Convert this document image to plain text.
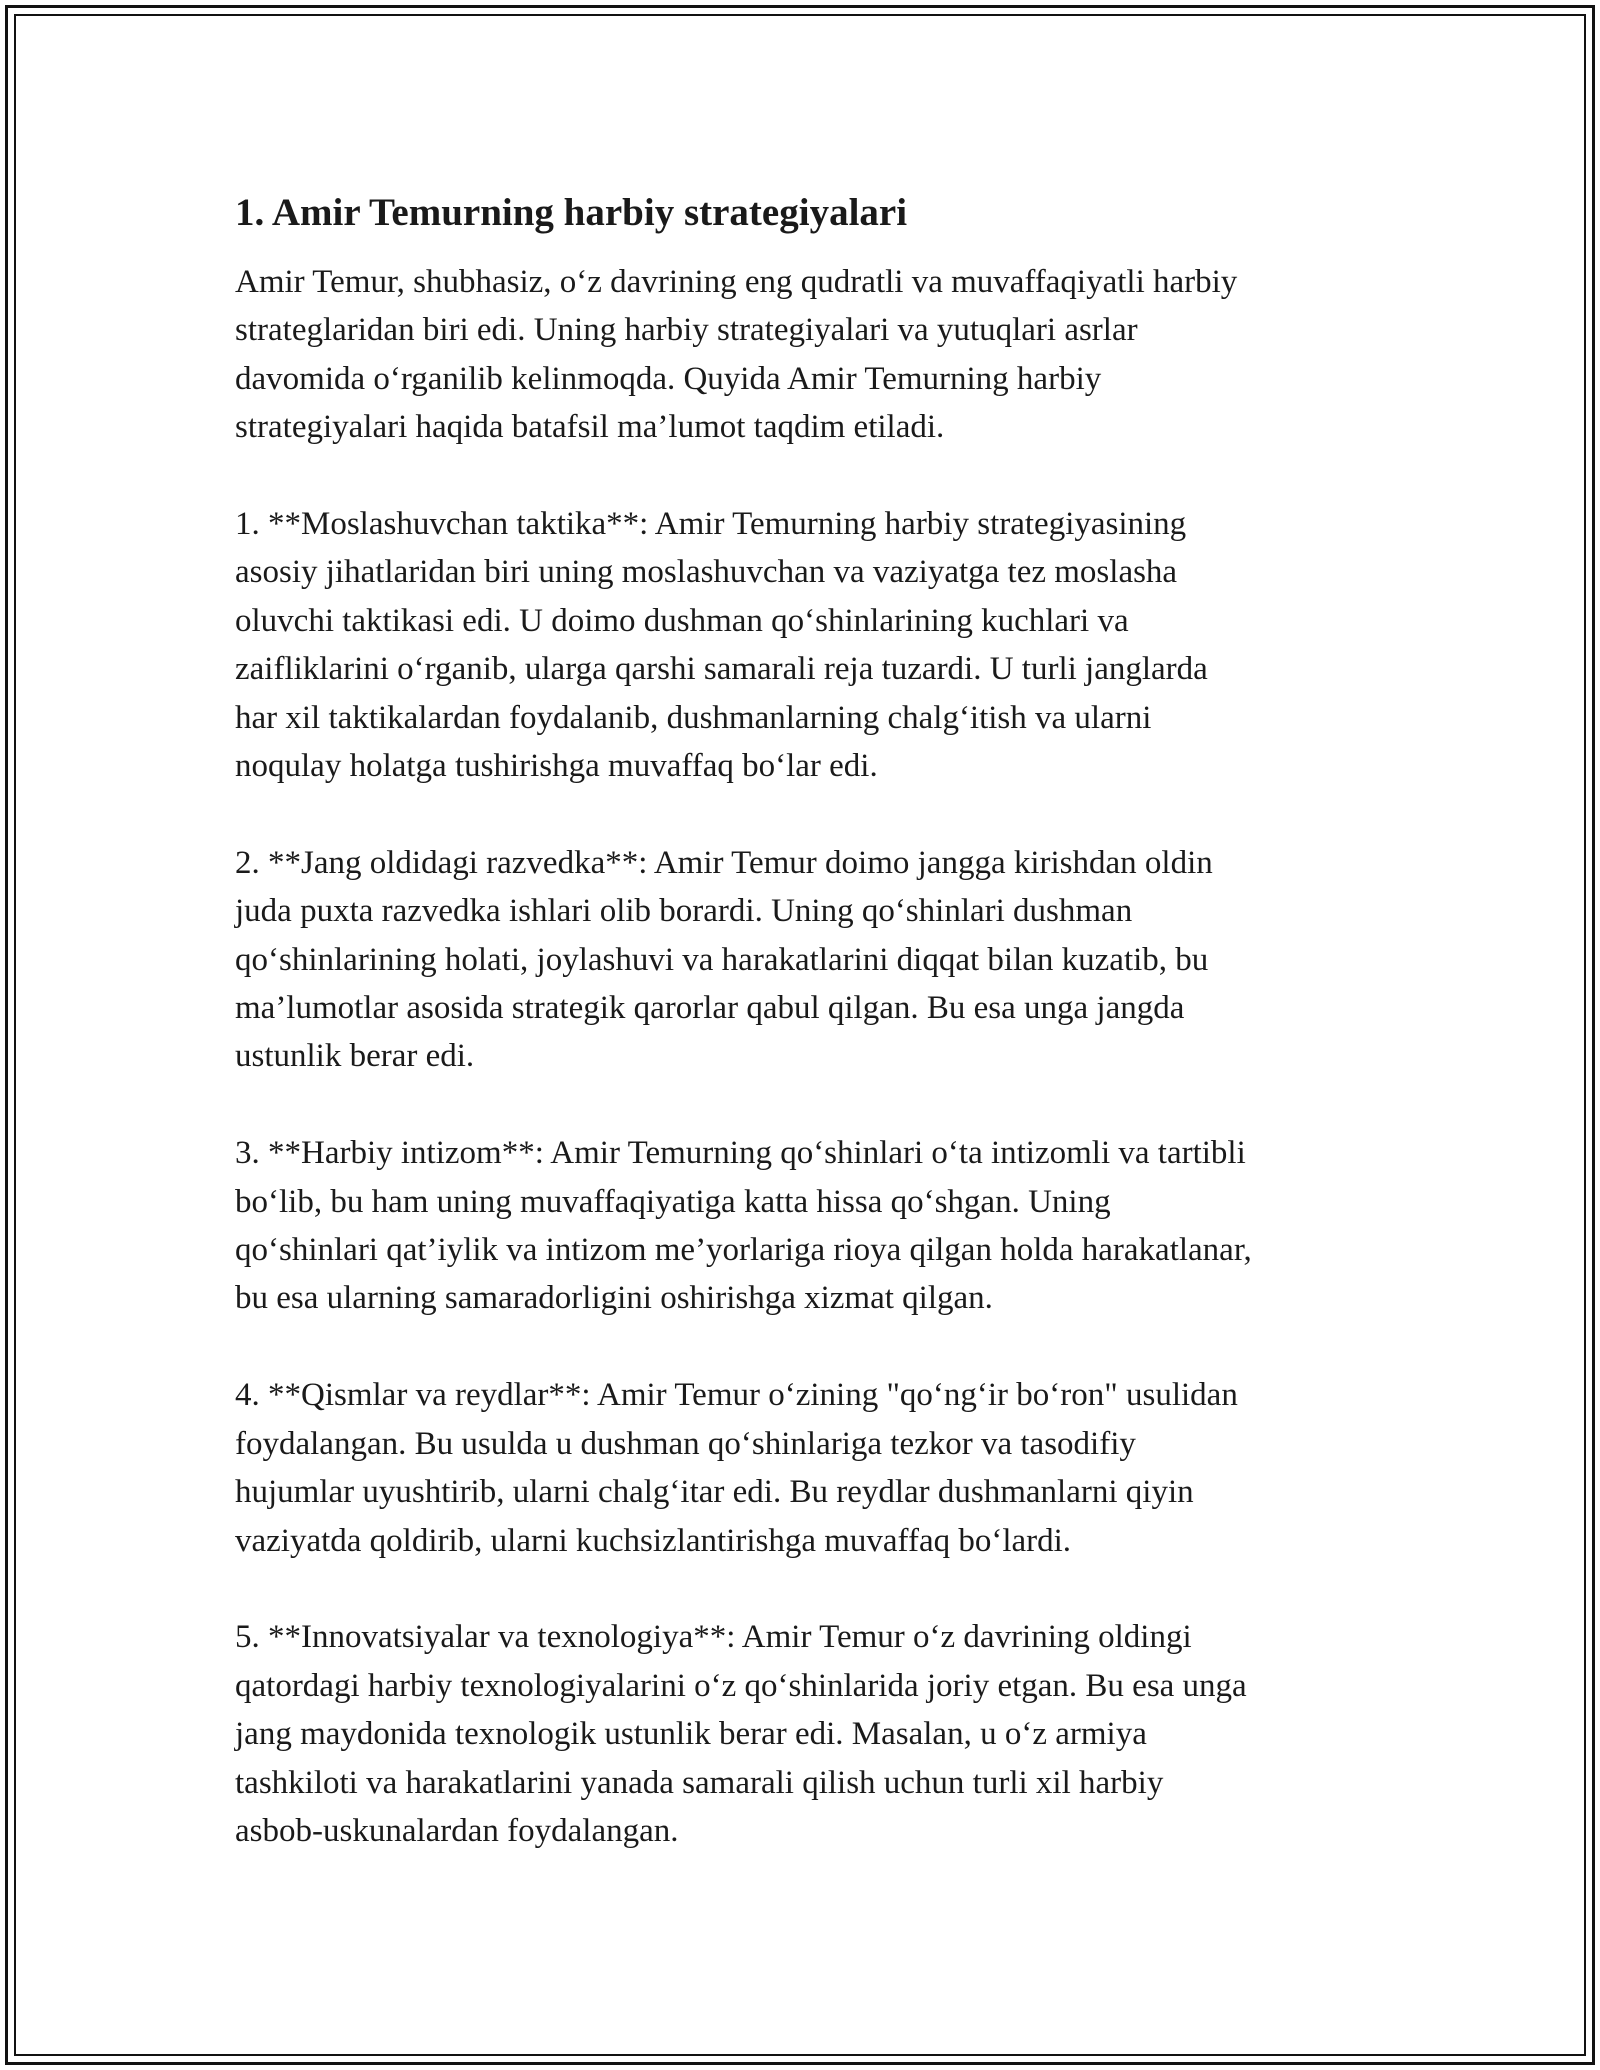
1. Amir Temurning harbiy strategiyalari
Amir Temur, shubhasiz, o‘z davrining eng qudratli va muvaffaqiyatli harbiy
strateglaridan biri edi. Uning harbiy strategiyalari va yutuqlari asrlar
davomida o‘rganilib kelinmoqda. Quyida Amir Temurning harbiy
strategiyalari haqida batafsil ma’lumot taqdim etiladi.
1. **Moslashuvchan taktika**: Amir Temurning harbiy strategiyasining
asosiy jihatlaridan biri uning moslashuvchan va vaziyatga tez moslasha
oluvchi taktikasi edi. U doimo dushman qo‘shinlarining kuchlari va
zaifliklarini o‘rganib, ularga qarshi samarali reja tuzardi. U turli janglarda
har xil taktikalardan foydalanib, dushmanlarning chalg‘itish va ularni
noqulay holatga tushirishga muvaffaq bo‘lar edi.
2. **Jang oldidagi razvedka**: Amir Temur doimo jangga kirishdan oldin
juda puxta razvedka ishlari olib borardi. Uning qo‘shinlari dushman
qo‘shinlarining holati, joylashuvi va harakatlarini diqqat bilan kuzatib, bu
ma’lumotlar asosida strategik qarorlar qabul qilgan. Bu esa unga jangda
ustunlik berar edi.
3. **Harbiy intizom**: Amir Temurning qo‘shinlari o‘ta intizomli va tartibli
bo‘lib, bu ham uning muvaffaqiyatiga katta hissa qo‘shgan. Uning
qo‘shinlari qat’iylik va intizom me’yorlariga rioya qilgan holda harakatlanar,
bu esa ularning samaradorligini oshirishga xizmat qilgan.
4. **Qismlar va reydlar**: Amir Temur o‘zining "qo‘ng‘ir bo‘ron" usulidan
foydalangan. Bu usulda u dushman qo‘shinlariga tezkor va tasodifiy
hujumlar uyushtirib, ularni chalg‘itar edi. Bu reydlar dushmanlarni qiyin
vaziyatda qoldirib, ularni kuchsizlantirishga muvaffaq bo‘lardi.
5. **Innovatsiyalar va texnologiya**: Amir Temur o‘z davrining oldingi
qatordagi harbiy texnologiyalarini o‘z qo‘shinlarida joriy etgan. Bu esa unga
jang maydonida texnologik ustunlik berar edi. Masalan, u o‘z armiya
tashkiloti va harakatlarini yanada samarali qilish uchun turli xil harbiy
asbob-uskunalardan foydalangan.
